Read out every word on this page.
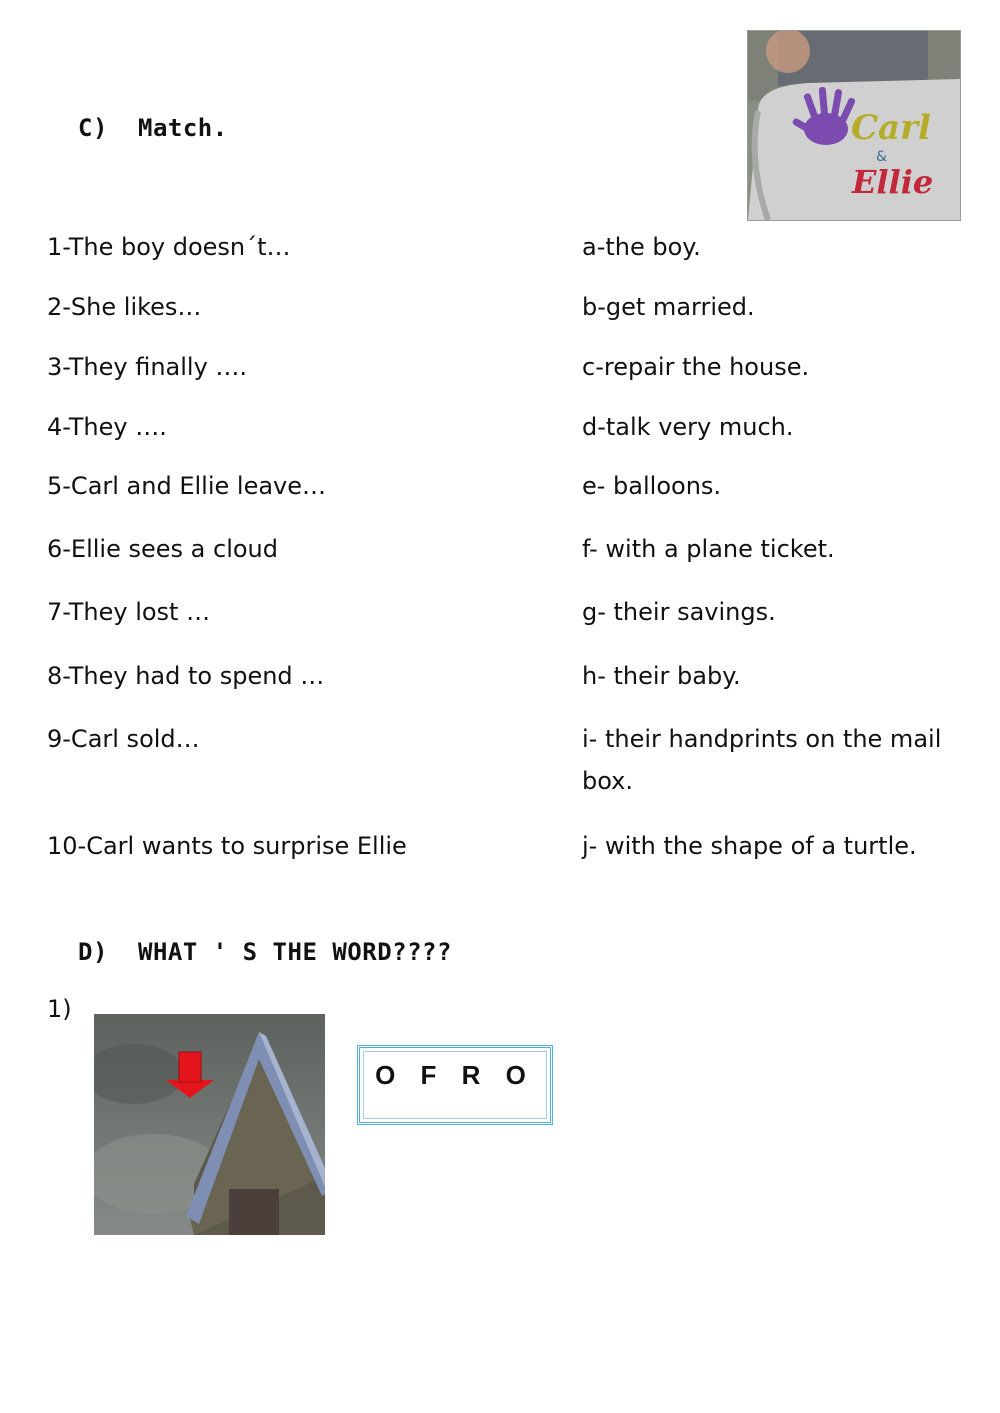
C) Match.	Carl
&
Ellie
1-The boy doesn´t…	a-the boy.
2-She likes…	b-get married.
3-They finally ….	c-repair the house.
4-They ….	d-talk very much.
5-Carl and Ellie leave…	e- balloons.
6-Ellie sees a cloud	f- with a plane ticket.
7-They lost …	g- their savings.
8-They had to spend …	h- their baby.
9-Carl sold…	i- their handprints on the mail box.
10-Carl wants to surprise Ellie	j- with the shape of a turtle.
D) WHAT ' S THE WORD????
1)
O F R O
